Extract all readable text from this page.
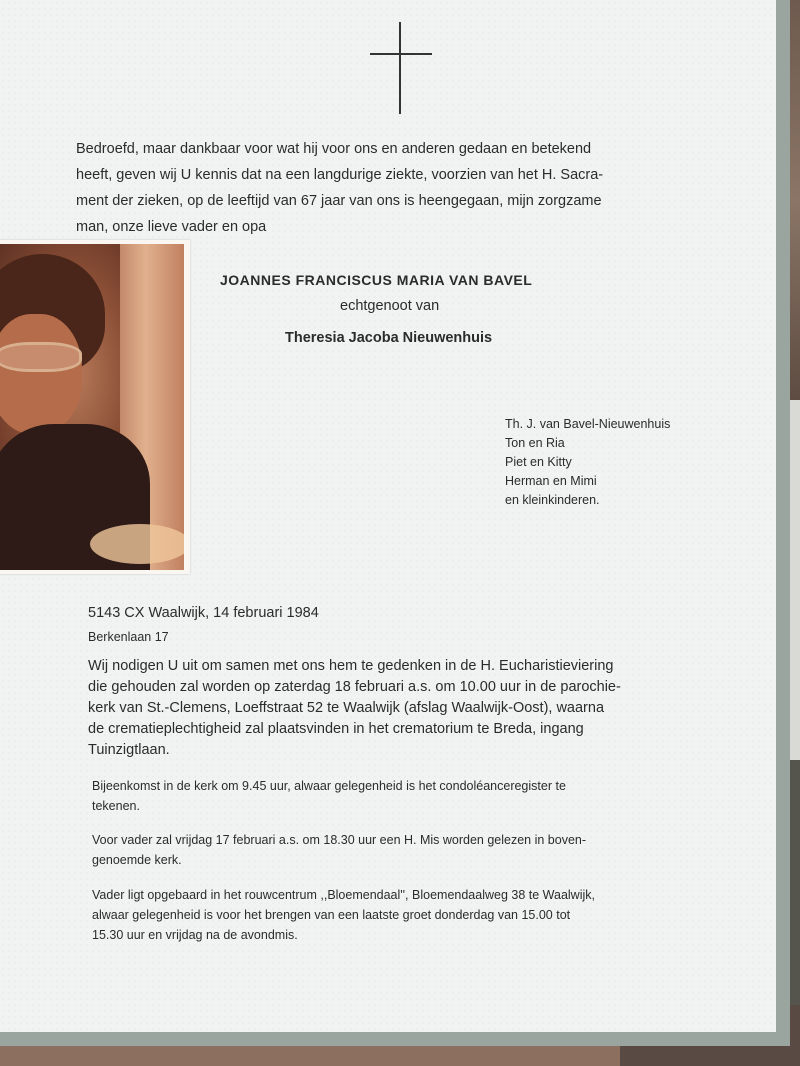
Bedroefd, maar dankbaar voor wat hij voor ons en anderen gedaan en betekend
heeft, geven wij U kennis dat na een langdurige ziekte, voorzien van het H. Sacra-
ment der zieken, op de leeftijd van 67 jaar van ons is heengegaan, mijn zorgzame
man, onze lieve vader en opa
JOANNES FRANCISCUS MARIA VAN BAVEL
echtgenoot van
Theresia Jacoba Nieuwenhuis
Th. J. van Bavel-Nieuwenhuis
Ton en Ria
Piet en Kitty
Herman en Mimi
en kleinkinderen.
5143 CX Waalwijk, 14 februari 1984
Berkenlaan 17
Wij nodigen U uit om samen met ons hem te gedenken in de H. Eucharistieviering
die gehouden zal worden op zaterdag 18 februari a.s. om 10.00 uur in de parochie-
kerk van St.-Clemens, Loeffstraat 52 te Waalwijk (afslag Waalwijk-Oost), waarna
de crematieplechtigheid zal plaatsvinden in het crematorium te Breda, ingang
Tuinzigtlaan.
Bijeenkomst in de kerk om 9.45 uur, alwaar gelegenheid is het condoléanceregister te
tekenen.
Voor vader zal vrijdag 17 februari a.s. om 18.30 uur een H. Mis worden gelezen in boven-
genoemde kerk.
Vader ligt opgebaard in het rouwcentrum ,,Bloemendaal'', Bloemendaalweg 38 te Waalwijk,
alwaar gelegenheid is voor het brengen van een laatste groet donderdag van 15.00 tot
15.30 uur en vrijdag na de avondmis.
